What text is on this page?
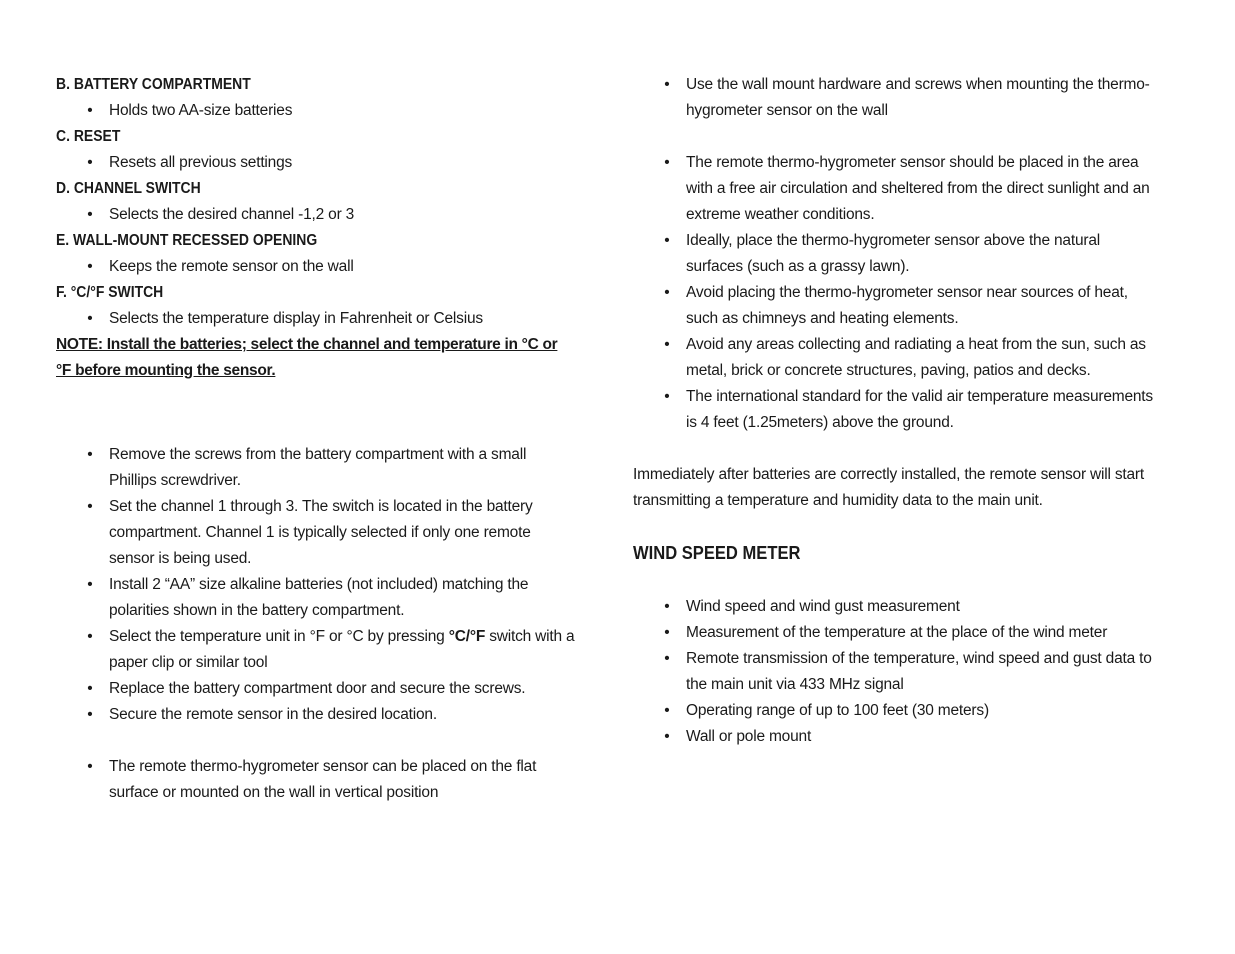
B. BATTERY COMPARTMENT
• Holds two AA-size batteries
C. RESET
• Resets all previous settings
D. CHANNEL SWITCH
• Selects the desired channel -1,2 or 3
E. WALL-MOUNT RECESSED OPENING
• Keeps the remote sensor on the wall
F. °C/°F SWITCH
• Selects the temperature display in Fahrenheit or Celsius

NOTE: Install the batteries; select the channel and temperature in °C or °F before mounting the sensor.

• Remove the screws from the battery compartment with a small Phillips screwdriver.
• Set the channel 1 through 3. The switch is located in the battery compartment. Channel 1 is typically selected if only one remote sensor is being used.
• Install 2 “AA” size alkaline batteries (not included) matching the polarities shown in the battery compartment.
• Select the temperature unit in °F or °C by pressing °C/°F switch with a paper clip or similar tool
• Replace the battery compartment door and secure the screws.
• Secure the remote sensor in the desired location.
• The remote thermo-hygrometer sensor can be placed on the flat surface or mounted on the wall in vertical position
• Use the wall mount hardware and screws when mounting the thermo-hygrometer sensor on the wall
• The remote thermo-hygrometer sensor should be placed in the area with a free air circulation and sheltered from the direct sunlight and an extreme weather conditions.
• Ideally, place the thermo-hygrometer sensor above the natural surfaces (such as a grassy lawn).
• Avoid placing the thermo-hygrometer sensor near sources of heat, such as chimneys and heating elements.
• Avoid any areas collecting and radiating a heat from the sun, such as metal, brick or concrete structures, paving, patios and decks.
• The international standard for the valid air temperature measurements is 4 feet (1.25meters) above the ground.

Immediately after batteries are correctly installed, the remote sensor will start transmitting a temperature and humidity data to the main unit.

WIND SPEED METER
• Wind speed and wind gust measurement
• Measurement of the temperature at the place of the wind meter
• Remote transmission of the temperature, wind speed and gust data to the main unit via 433 MHz signal
• Operating range of up to 100 feet (30 meters)
• Wall or pole mount
